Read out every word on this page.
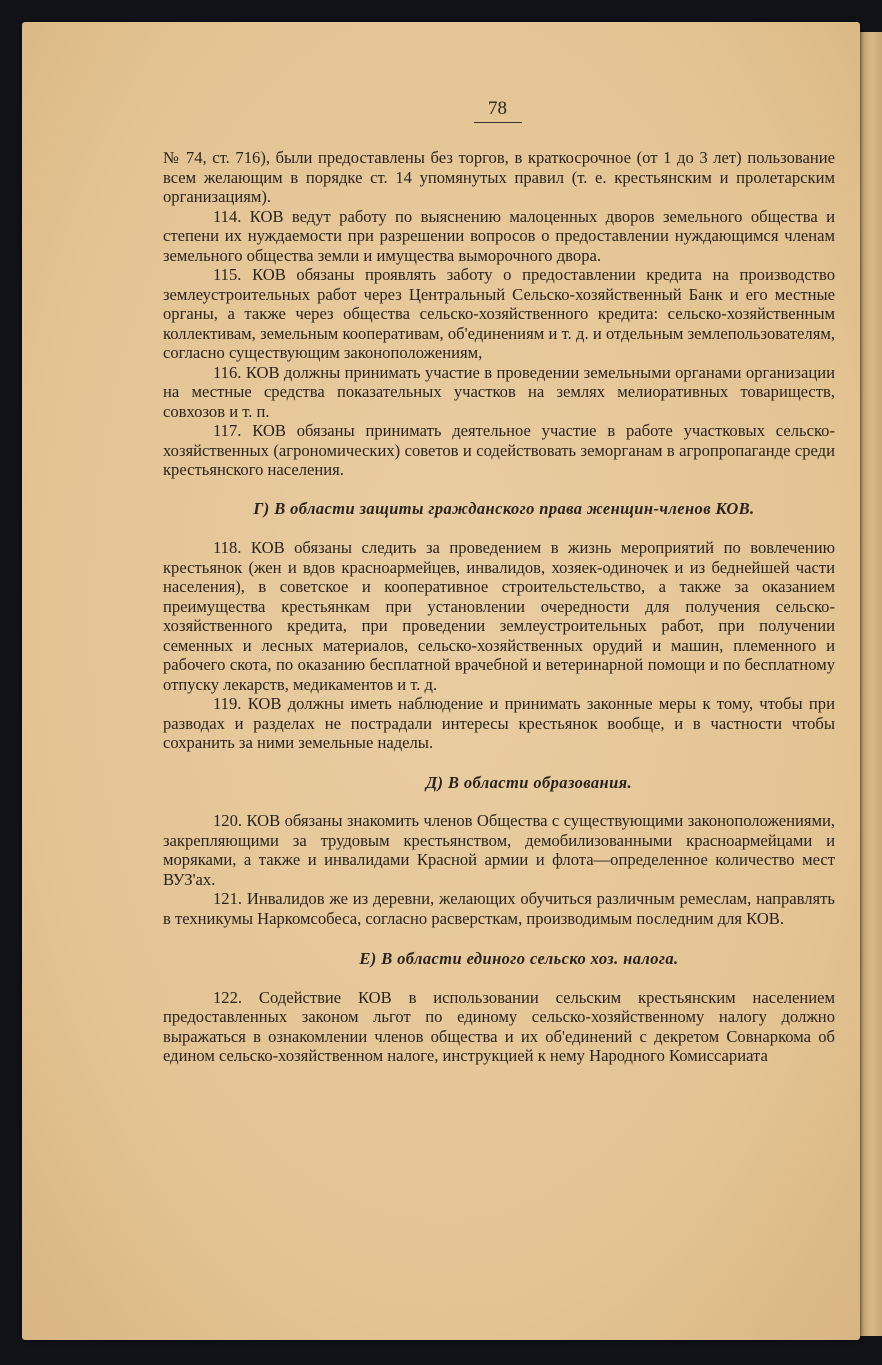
78

№ 74, ст. 716), были предоставлены без торгов, в краткосрочное (от 1 до 3 лет) пользование всем желающим в порядке ст. 14 упомянутых правил (т. е. крестьянским и пролетарским организациям).

114. КОВ ведут работу по выяснению малоценных дворов земельного общества и степени их нуждаемости при разрешении вопросов о предоставлении нуждающимся членам земельного общества земли и имущества выморочного двора.

115. КОВ обязаны проявлять заботу о предоставлении кредита на производство землеустроительных работ через Центральный Сельско-хозяйственный Банк и его местные органы, а также через общества сельско-хозяйственного кредита: сельско-хозяйственным коллективам, земельным кооперативам, об'единениям и т. д. и отдельным землепользователям, согласно существующим законоположениям,

116. КОВ должны принимать участие в проведении земельными органами организации на местные средства показательных участков на землях мелиоративных товариществ, совхозов и т. п.

117. КОВ обязаны принимать деятельное участие в работе участковых сельско-хозяйственных (агрономических) советов и содействовать земорганам в агропропаганде среди крестьянского населения.

Г) В области защиты гражданского права женщин-членов КОВ.

118. КОВ обязаны следить за проведением в жизнь мероприятий по вовлечению крестьянок (жен и вдов красноармейцев, инвалидов, хозяек-одиночек и из беднейшей части населения), в советское и кооперативное строительстельство, а также за оказанием преимущества крестьянкам при установлении очередности для получения сельско-хозяйственного кредита, при проведении землеустроительных работ, при получении семенных и лесных материалов, сельско-хозяйственных орудий и машин, племенного и рабочего скота, по оказанию бесплатной врачебной и ветеринарной помощи и по бесплатному отпуску лекарств, медикаментов и т. д.

119. КОВ должны иметь наблюдение и принимать законные меры к тому, чтобы при разводах и разделах не пострадали интересы крестьянок вообще, и в частности чтобы сохранить за ними земельные наделы.

Д) В области образования.

120. КОВ обязаны знакомить членов Общества с существующими законоположениями, закрепляющими за трудовым крестьянством, демобилизованными красноармейцами и моряками, а также и инвалидами Красной армии и флота—определенное количество мест ВУЗ'ах.

121. Инвалидов же из деревни, желающих обучиться различным ремеслам, направлять в техникумы Наркомсобеса, согласно расверсткам, производимым последним для КОВ.

Е) В области единого сельско хоз. налога.

122. Содействие КОВ в использовании сельским крестьянским населением предоставленных законом льгот по единому сельско-хозяйственному налогу должно выражаться в ознакомлении членов общества и их об'единений с декретом Совнаркома об едином сельско-хозяйственном налоге, инструкцией к нему Народного Комиссариата
